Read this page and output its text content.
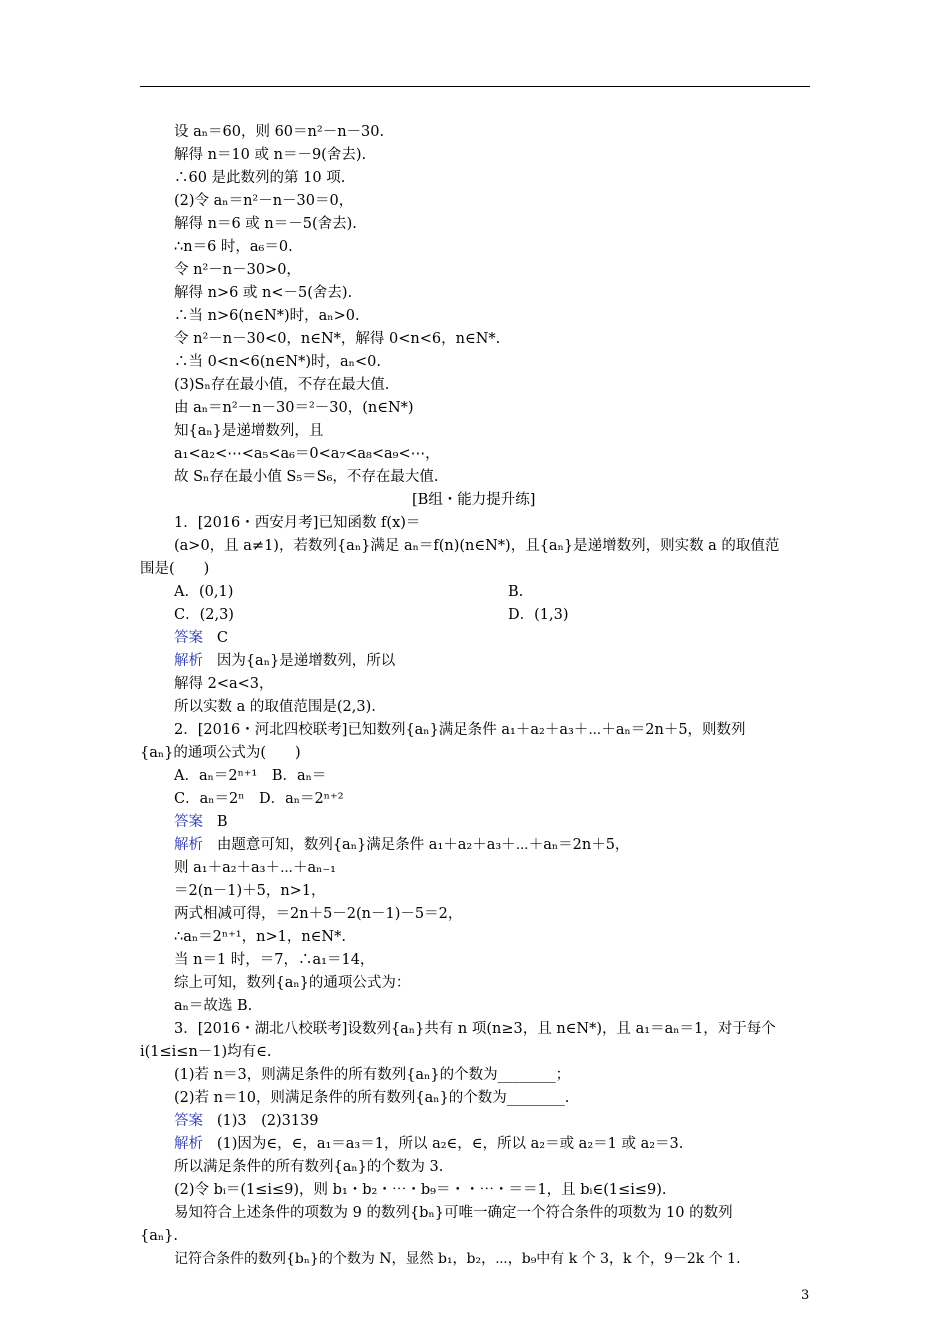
设 aₙ＝60，则 60＝n²－n－30.
解得 n＝10 或 n＝－9(舍去).
∴60 是此数列的第 10 项.
(2)令 aₙ＝n²－n－30＝0，
解得 n＝6 或 n＝－5(舍去).
∴n＝6 时，a₆＝0.
令 n²－n－30>0，
解得 n>6 或 n<－5(舍去).
∴当 n>6(n∈N*)时，aₙ>0.
令 n²－n－30<0，n∈N*，解得 0<n<6，n∈N*.
∴当 0<n<6(n∈N*)时，aₙ<0.
(3)Sₙ存在最小值，不存在最大值.
由 aₙ＝n²－n－30＝²－30，(n∈N*)
知{aₙ}是递增数列，且
a₁<a₂<⋯<a₅<a₆＝0<a₇<a₈<a₉<⋯，
故 Sₙ存在最小值 S₅＝S₆，不存在最大值.
[B组・能力提升练]
1．[2016・西安月考]已知函数 f(x)＝
(a>0，且 a≠1)，若数列{aₙ}满足 aₙ＝f(n)(n∈N*)，且{aₙ}是递增数列，则实数 a 的取值范
围是(　　)
A．(0,1)	B.
C．(2,3)	D．(1,3)
答案 C
解析 因为{aₙ}是递增数列，所以
解得 2<a<3，
所以实数 a 的取值范围是(2,3).
2．[2016・河北四校联考]已知数列{aₙ}满足条件 a₁＋a₂＋a₃＋⋯＋aₙ＝2n＋5，则数列
{aₙ}的通项公式为(　　)
A．aₙ＝2ⁿ⁺¹　B．aₙ＝
C．aₙ＝2ⁿ　D．aₙ＝2ⁿ⁺²
答案 B
解析 由题意可知，数列{aₙ}满足条件 a₁＋a₂＋a₃＋⋯＋aₙ＝2n＋5，
则 a₁＋a₂＋a₃＋⋯＋aₙ₋₁
＝2(n－1)＋5，n>1，
两式相减可得，＝2n＋5－2(n－1)－5＝2，
∴aₙ＝2ⁿ⁺¹，n>1，n∈N*.
当 n＝1 时，＝7，∴a₁＝14，
综上可知，数列{aₙ}的通项公式为：
aₙ＝故选 B.
3．[2016・湖北八校联考]设数列{aₙ}共有 n 项(n≥3，且 n∈N*)，且 a₁＝aₙ＝1，对于每个
i(1≤i≤n－1)均有∈.
(1)若 n＝3，则满足条件的所有数列{aₙ}的个数为________；
(2)若 n＝10，则满足条件的所有数列{aₙ}的个数为________.
答案 (1)3　(2)3139
解析 (1)因为∈，∈，a₁＝a₃＝1，所以 a₂∈，∈，所以 a₂＝或 a₂＝1 或 a₂＝3.
所以满足条件的所有数列{aₙ}的个数为 3.
(2)令 bᵢ＝(1≤i≤9)，则 b₁・b₂・⋯・b₉＝・・⋯・＝＝1，且 bᵢ∈(1≤i≤9).
易知符合上述条件的项数为 9 的数列{bₙ}可唯一确定一个符合条件的项数为 10 的数列
{aₙ}.
记符合条件的数列{bₙ}的个数为 N，显然 b₁，b₂，⋯，b₉中有 k 个 3，k 个，9－2k 个 1.
3
